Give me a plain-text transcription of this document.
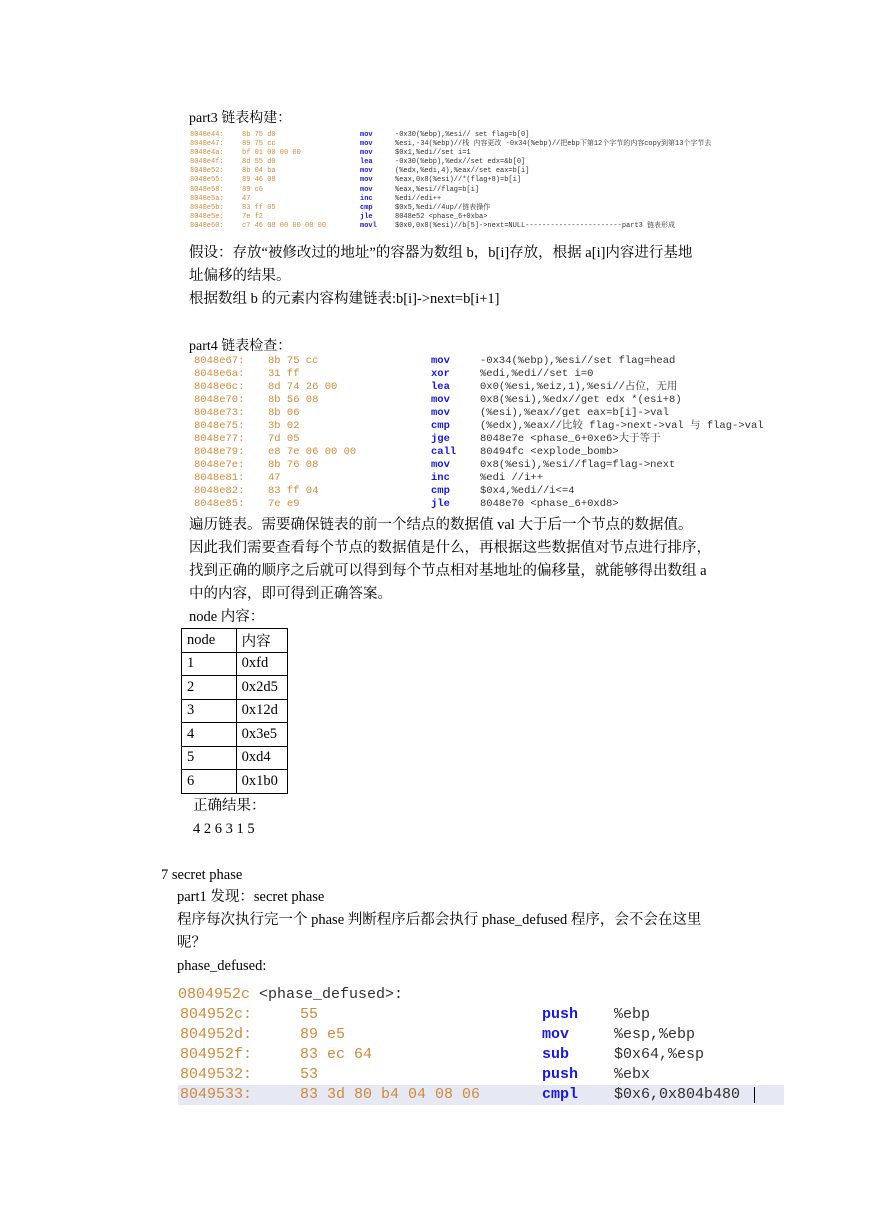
part3 链表构建：
8048e44:	8b 75 d0	mov	-0x30(%ebp),%esi// set flag=b[0]
8048e47:	89 75 cc	mov	%esi,-34(%ebp)//栈 内容更改 -0x34(%ebp)//把ebp下第12个字节的内容copy到第13个字节去
8048e4a:	bf 01 00 00 00	mov	$0x1,%edi//set i=1
8048e4f:	8d 55 d0	lea	-0x30(%ebp),%edx//set edx=&b[0]
8048e52:	8b 04 ba	mov	(%edx,%edi,4),%eax//set eax=b[i]
8048e55:	89 46 08	mov	%eax,0x8(%esi)//*(flag+8)=b[i]
8048e58:	89 c6	mov	%eax,%esi//flag=b[i]
8048e5a:	47	inc	%edi//edi++
8048e5b:	83 ff 05	cmp	$0x5,%edi//4up//链表操作
8048e5e:	7e f2	jle	8048e52 <phase_6+0xba>
8048e60:	c7 46 08 00 00 00 00	movl	$0x0,0x8(%esi)//b[5]->next=NULL-----------------------part3 链表形成
假设：存放“被修改过的地址”的容器为数组 b，b[i]存放，根据 a[i]内容进行基地
址偏移的结果。
根据数组 b 的元素内容构建链表:b[i]->next=b[i+1]
part4 链表检查：
8048e67: 8b 75 cc	mov	-0x34(%ebp),%esi//set flag=head
8048e6a: 31 ff	xor	%edi,%edi//set i=0
8048e6c: 8d 74 26 00	lea	0x0(%esi,%eiz,1),%esi//占位，无用
8048e70: 8b 56 08	mov	0x8(%esi),%edx//get edx *(esi+8)
8048e73: 8b 06	mov	(%esi),%eax//get eax=b[i]->val
8048e75: 3b 02	cmp	(%edx),%eax//比较 flag->next->val 与 flag->val
8048e77: 7d 05	jge	8048e7e <phase_6+0xe6>大于等于
8048e79: e8 7e 06 00 00	call 80494fc <explode_bomb>
8048e7e: 8b 76 08	mov	0x8(%esi),%esi//flag=flag->next
8048e81: 47	inc	%edi //i++
8048e82: 83 ff 04	cmp	$0x4,%edi//i<=4
8048e85: 7e e9	jle	8048e70 <phase_6+0xd8>
遍历链表。需要确保链表的前一个结点的数据值 val 大于后一个节点的数据值。
因此我们需要查看每个节点的数据值是什么，再根据这些数据值对节点进行排序，
找到正确的顺序之后就可以得到每个节点相对基地址的偏移量，就能够得出数组 a
中的内容，即可得到正确答案。
node 内容：
node	内容
1	0xfd
2	0x2d5
3	0x12d
4	0x3e5
5	0xd4
6	0x1b0
正确结果：
4 2 6 3 1 5
7 secret phase
part1 发现：secret phase
程序每次执行完一个 phase 判断程序后都会执行 phase_defused 程序，会不会在这里
呢？
phase_defused:
0804952c <phase_defused>:
804952c:	55	push %ebp
804952d:	89 e5	mov	%esp,%ebp
804952f:	83 ec 64	sub	$0x64,%esp
8049532:	53	push %ebx
8049533:	83 3d 80 b4 04 08 06	cmpl $0x6,0x804b480
